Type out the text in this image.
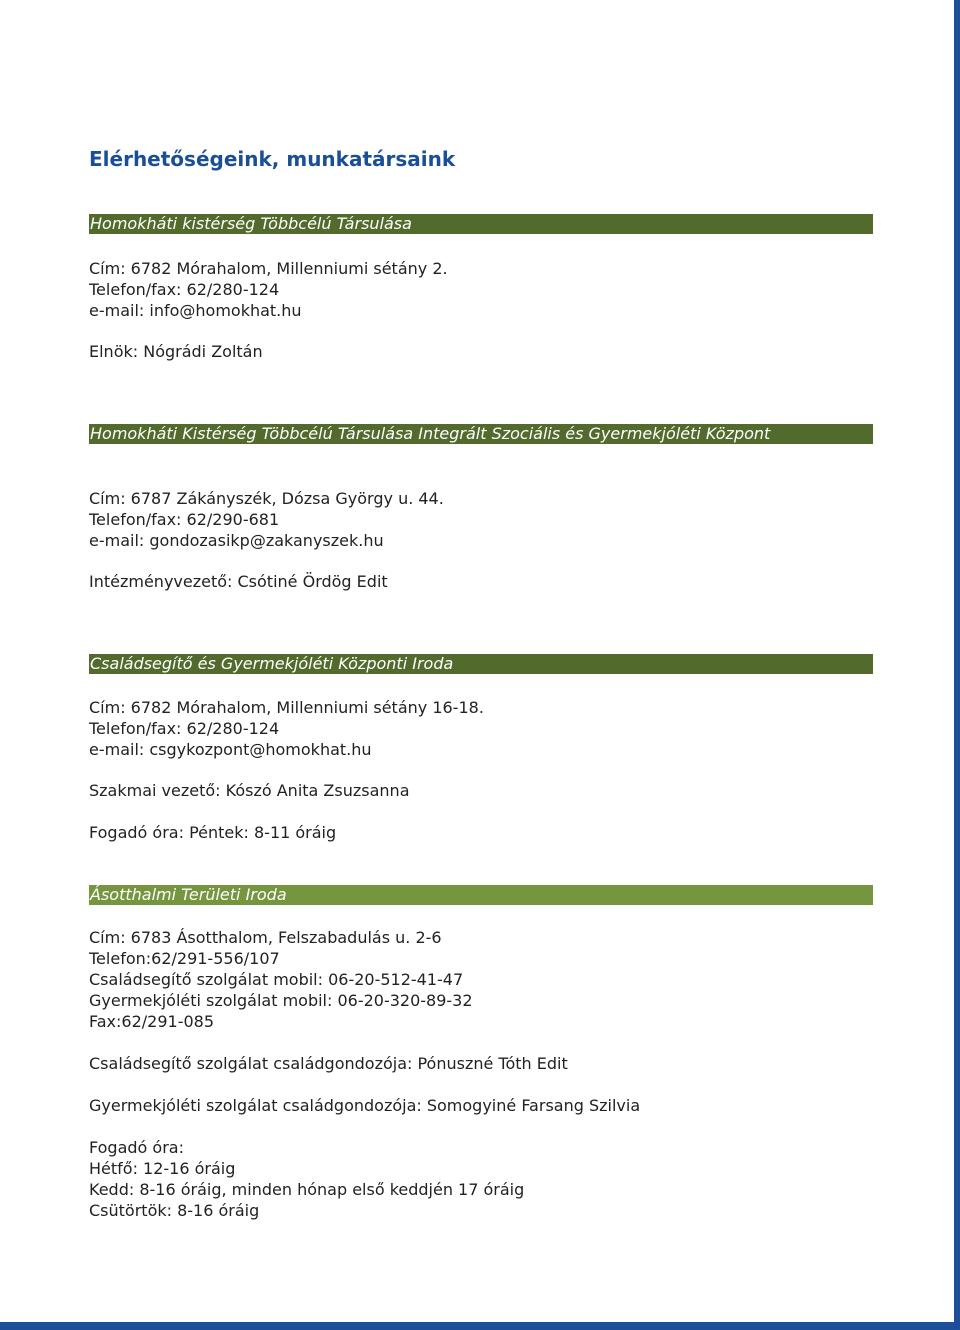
Elérhetőségeink, munkatársaink
Homokháti kistérség Többcélú Társulása
Cím: 6782 Mórahalom, Millenniumi sétány 2.
Telefon/fax: 62/280-124
e-mail: info@homokhat.hu
Elnök: Nógrádi Zoltán
Homokháti Kistérség Többcélú Társulása Integrált Szociális és Gyermekjóléti Központ
Cím: 6787 Zákányszék, Dózsa György u. 44.
Telefon/fax: 62/290-681
e-mail: gondozasikp@zakanyszek.hu
Intézményvezető: Csótiné Ördög Edit
Családsegítő és Gyermekjóléti Központi Iroda
Cím: 6782 Mórahalom, Millenniumi sétány 16-18.
Telefon/fax: 62/280-124
e-mail: csgykozpont@homokhat.hu
Szakmai vezető: Kószó Anita Zsuzsanna
Fogadó óra: Péntek: 8-11 óráig
Ásotthalmi Területi Iroda
Cím: 6783 Ásotthalom, Felszabadulás u. 2-6
Telefon:62/291-556/107
Családsegítő szolgálat mobil: 06-20-512-41-47
Gyermekjóléti szolgálat mobil: 06-20-320-89-32
Fax:62/291-085
Családsegítő szolgálat családgondozója: Pónuszné Tóth Edit
Gyermekjóléti szolgálat családgondozója: Somogyiné Farsang Szilvia
Fogadó óra:
Hétfő: 12-16 óráig
Kedd: 8-16 óráig, minden hónap első keddjén 17 óráig
Csütörtök: 8-16 óráig
